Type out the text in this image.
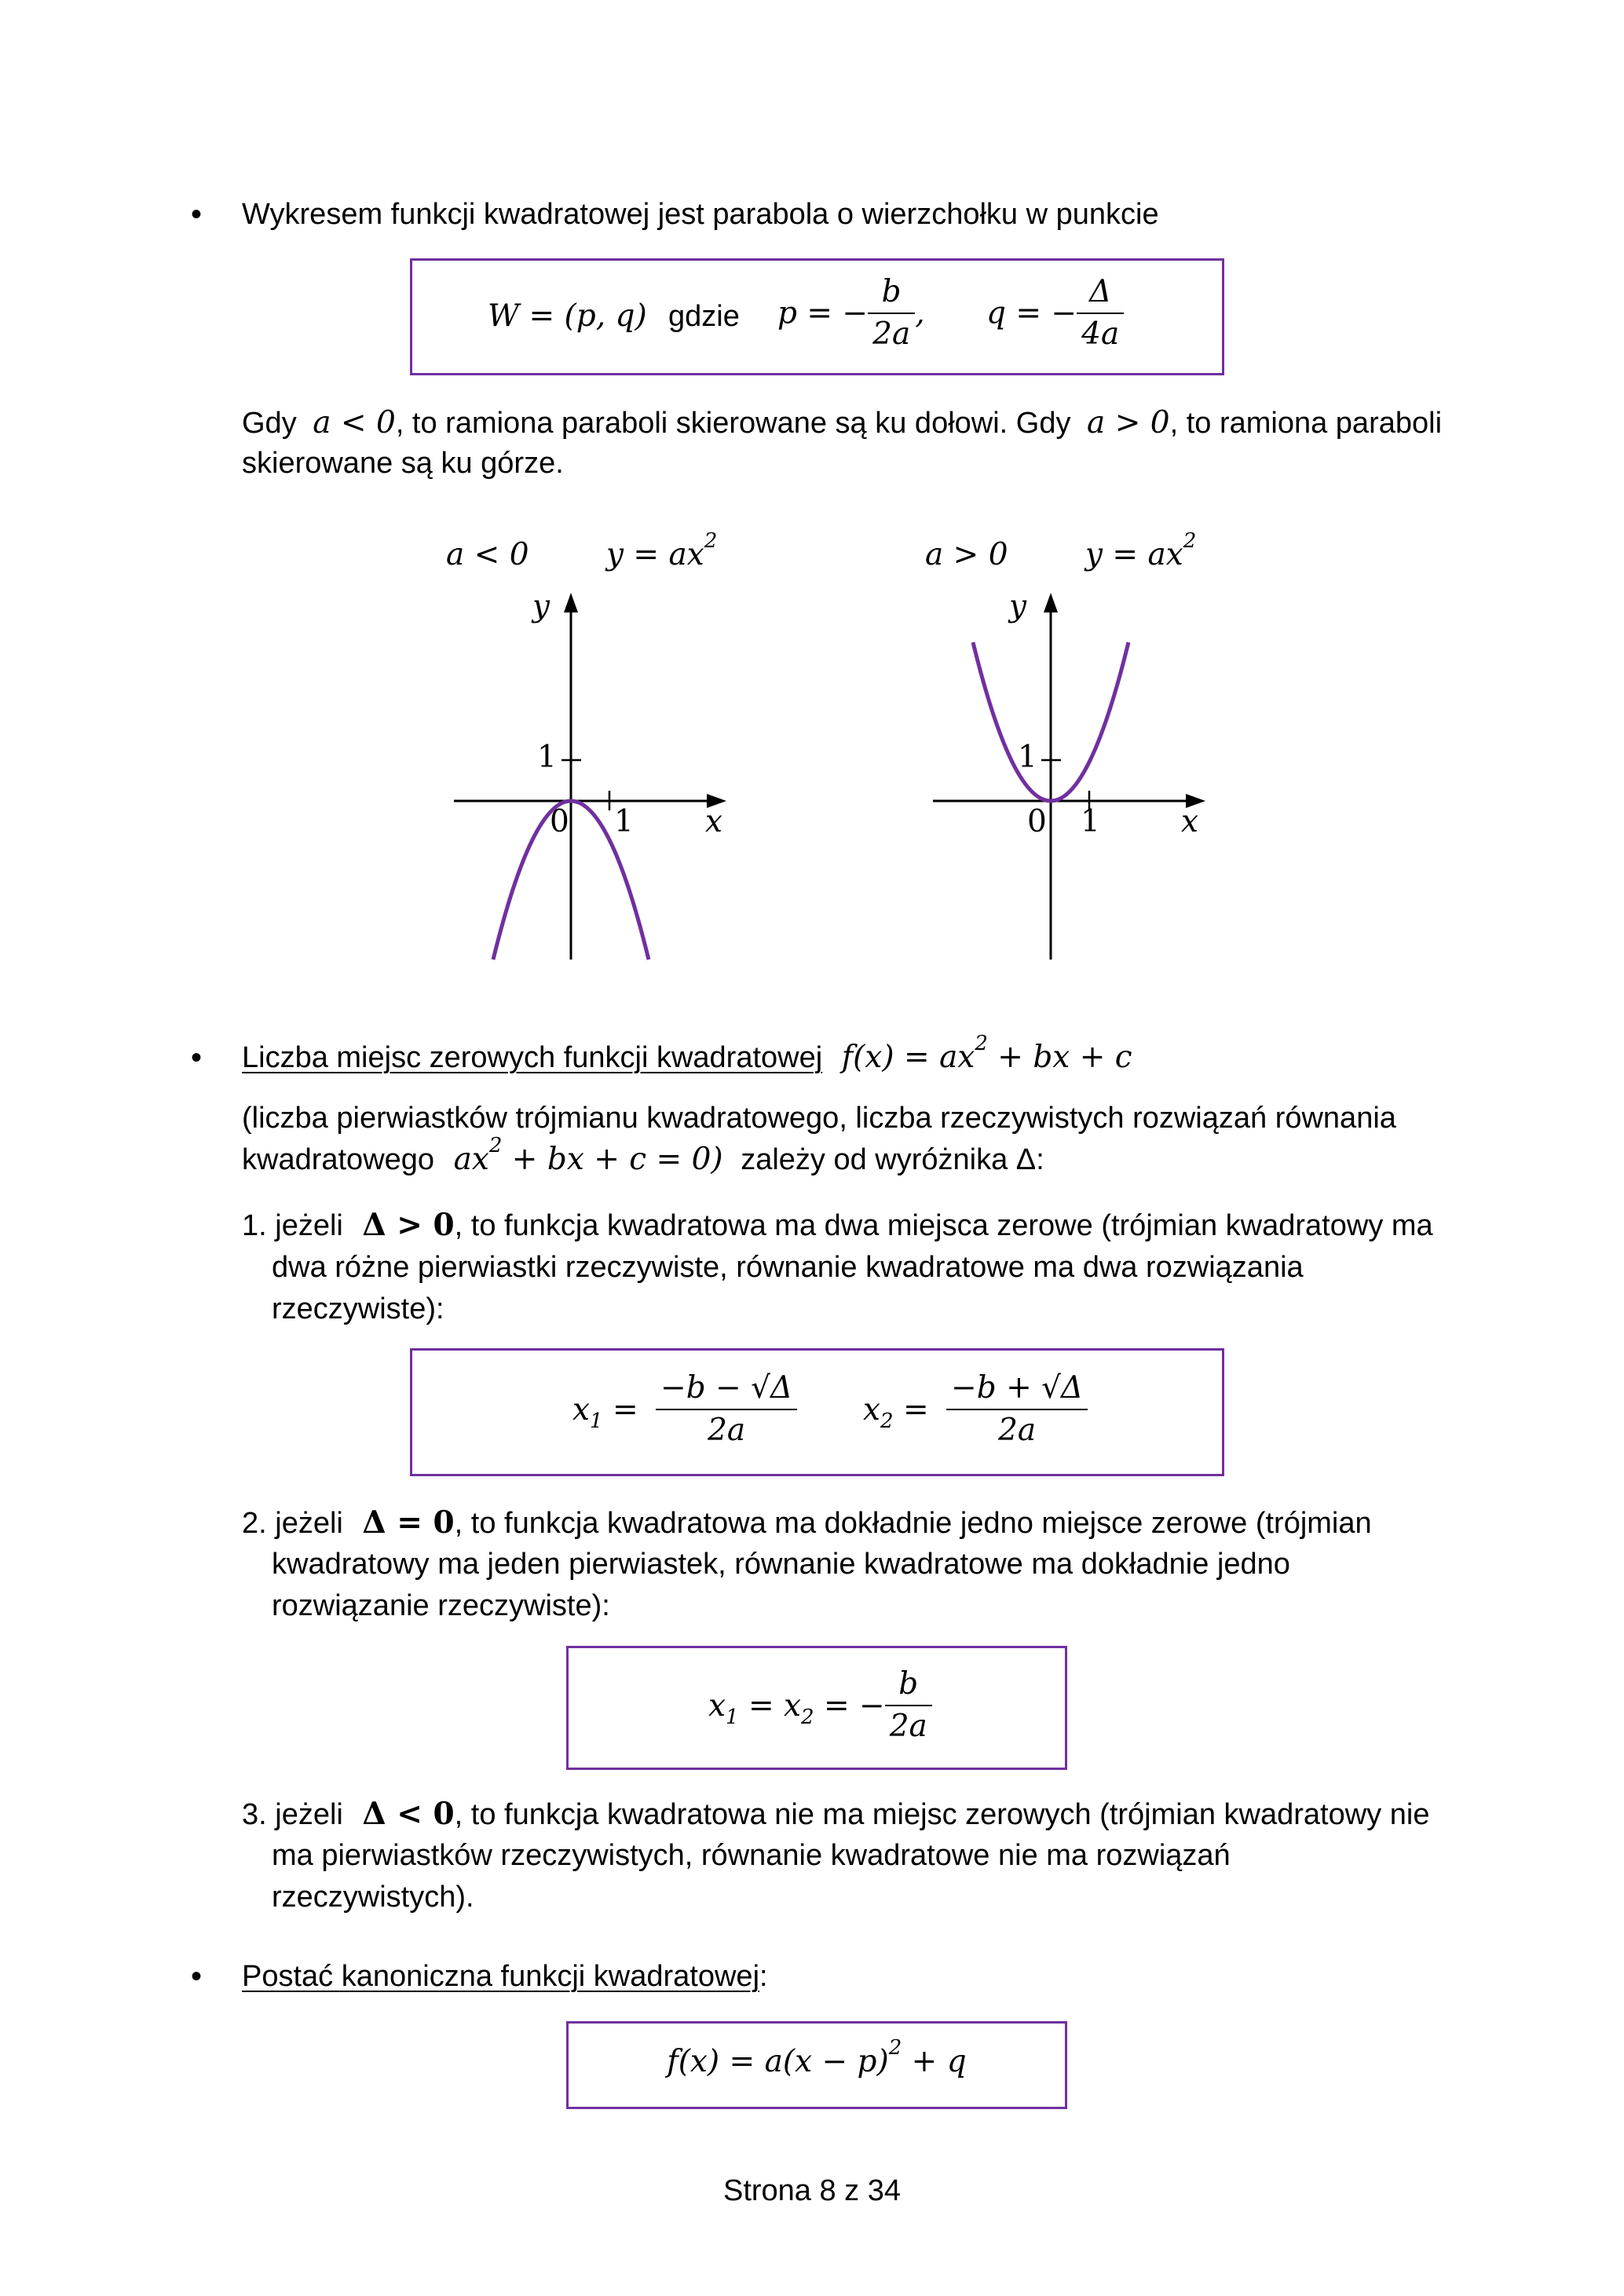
• Wykresem funkcji kwadratowej jest parabola o wierzchołku w punkcie
W = (p, q) gdzie p = − $\frac{b}{2a}$ , q = − $\frac{\Delta}{4a}$
Gdy a < 0, to ramiona paraboli skierowane są ku dołowi. Gdy a > 0, to ramiona paraboli
skierowane są ku górze.
a < 0	$y = ax^2$
y
1
0 1 x
a > 0	$y = ax^2$
y
1
0 1	x
• Liczba miejsc zerowych funkcji kwadratowej $f(x) = ax^2$ + bx + c
(liczba pierwiastków trójmianu kwadratowego, liczba rzeczywistych rozwiązań równania
kwadratowego $ax^2$ + bx + c = 0) zależy od wyróżnika Δ:
1. jeżeli Δ > 0, to funkcja kwadratowa ma dwa miejsca zerowe (trójmian kwadratowy ma
dwa różne pierwiastki rzeczywiste, równanie kwadratowe ma dwa rozwiązania
rzeczywiste):
$x_1 = \frac{-b - √\Delta}{2a} x_2 = \frac{-b + √\Delta}{2a}$
2. jeżeli Δ = 0, to funkcja kwadratowa ma dokładnie jedno miejsce zerowe (trójmian
kwadratowy ma jeden pierwiastek, równanie kwadratowe ma dokładnie jedno
rozwiązanie rzeczywiste):
$x_1 = x_2$ = − $\frac{b}{2a}$
3. jeżeli Δ < 0, to funkcja kwadratowa nie ma miejsc zerowych (trójmian kwadratowy nie
ma pierwiastków rzeczywistych, równanie kwadratowe nie ma rozwiązań
rzeczywistych).
• Postać kanoniczna funkcji kwadratowej:
$f(x) = a(x - p)^2 + q$
Strona 8 z 34
